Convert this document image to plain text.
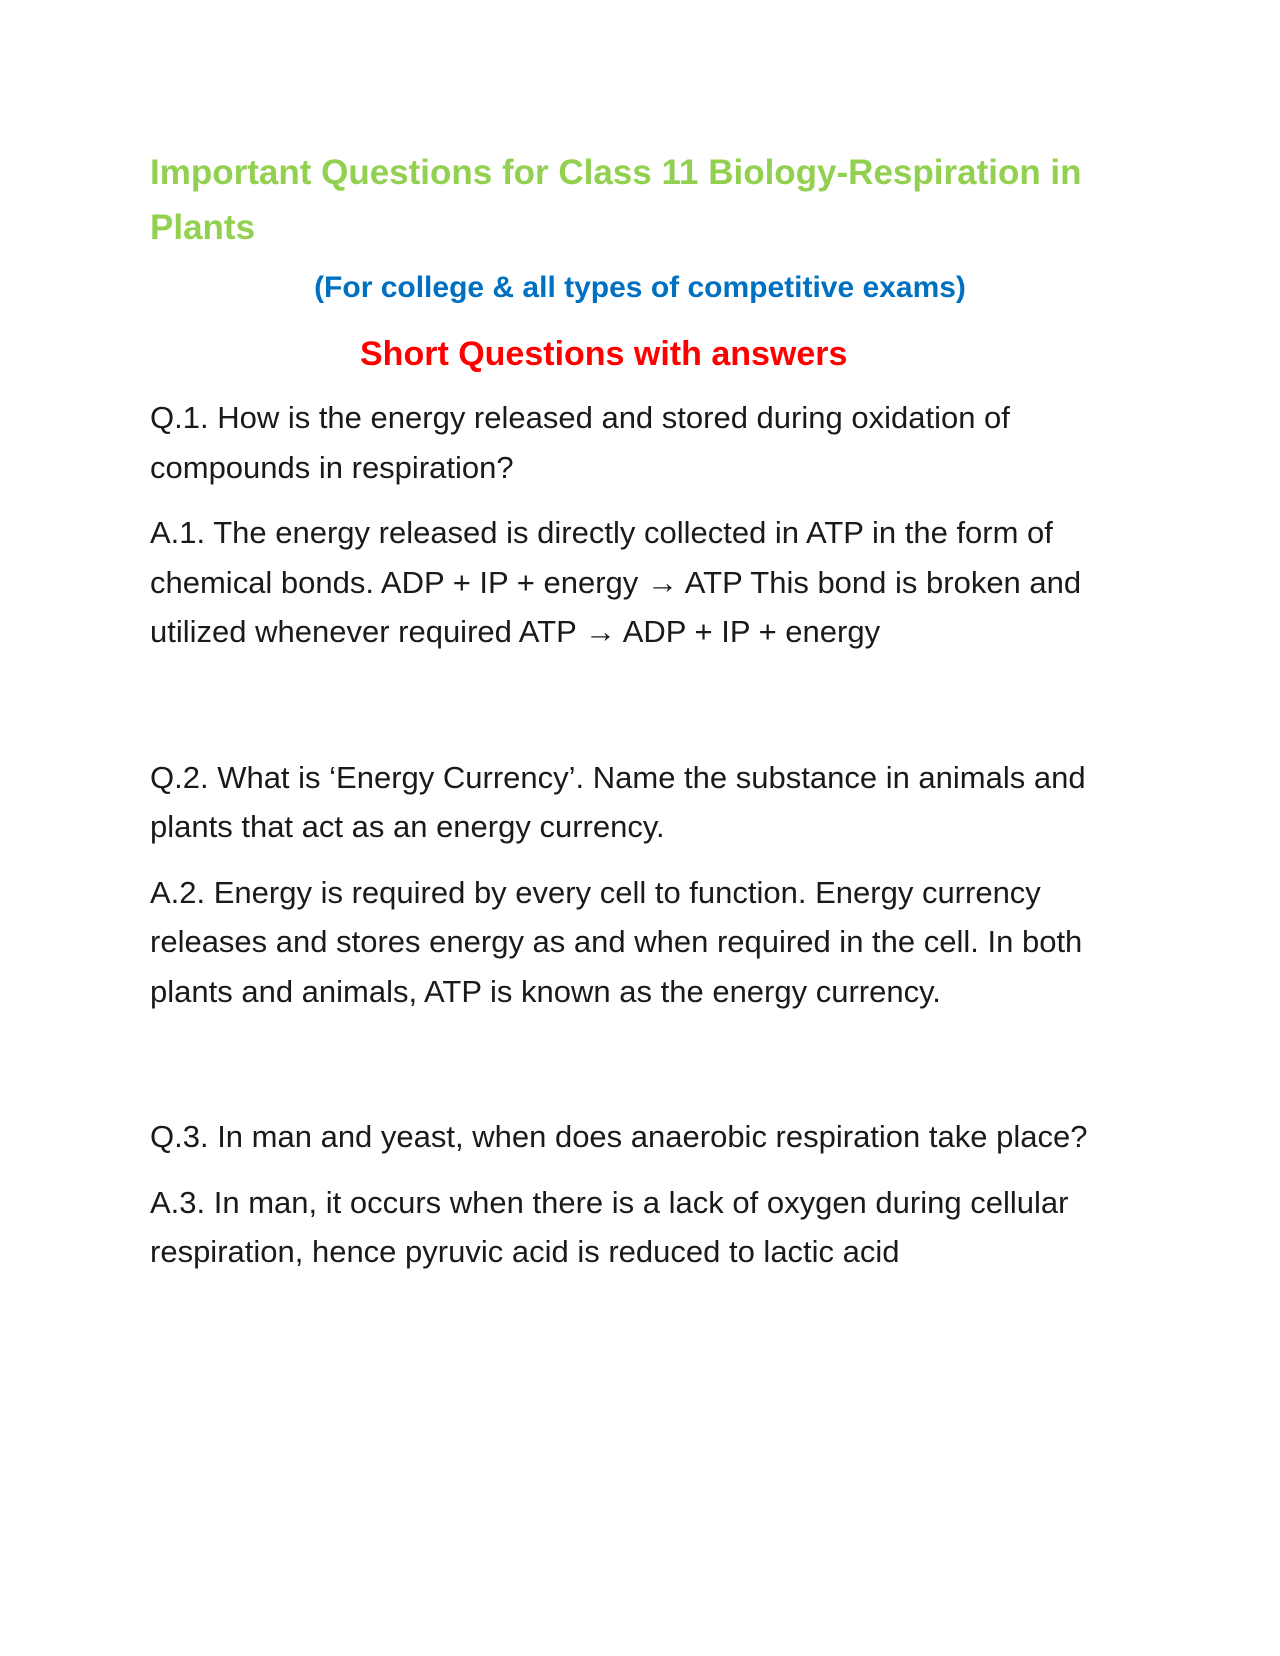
Important Questions for Class 11 Biology-Respiration in Plants

(For college & all types of competitive exams)

Short Questions with answers

Q.1. How is the energy released and stored during oxidation of compounds in respiration?

A.1. The energy released is directly collected in ATP in the form of chemical bonds. ADP + IP + energy → ATP This bond is broken and utilized whenever required ATP → ADP + IP + energy

Q.2. What is ‘Energy Currency’. Name the substance in animals and plants that act as an energy currency.

A.2. Energy is required by every cell to function. Energy currency releases and stores energy as and when required in the cell. In both plants and animals, ATP is known as the energy currency.

Q.3. In man and yeast, when does anaerobic respiration take place?

A.3. In man, it occurs when there is a lack of oxygen during cellular respiration, hence pyruvic acid is reduced to lactic acid
